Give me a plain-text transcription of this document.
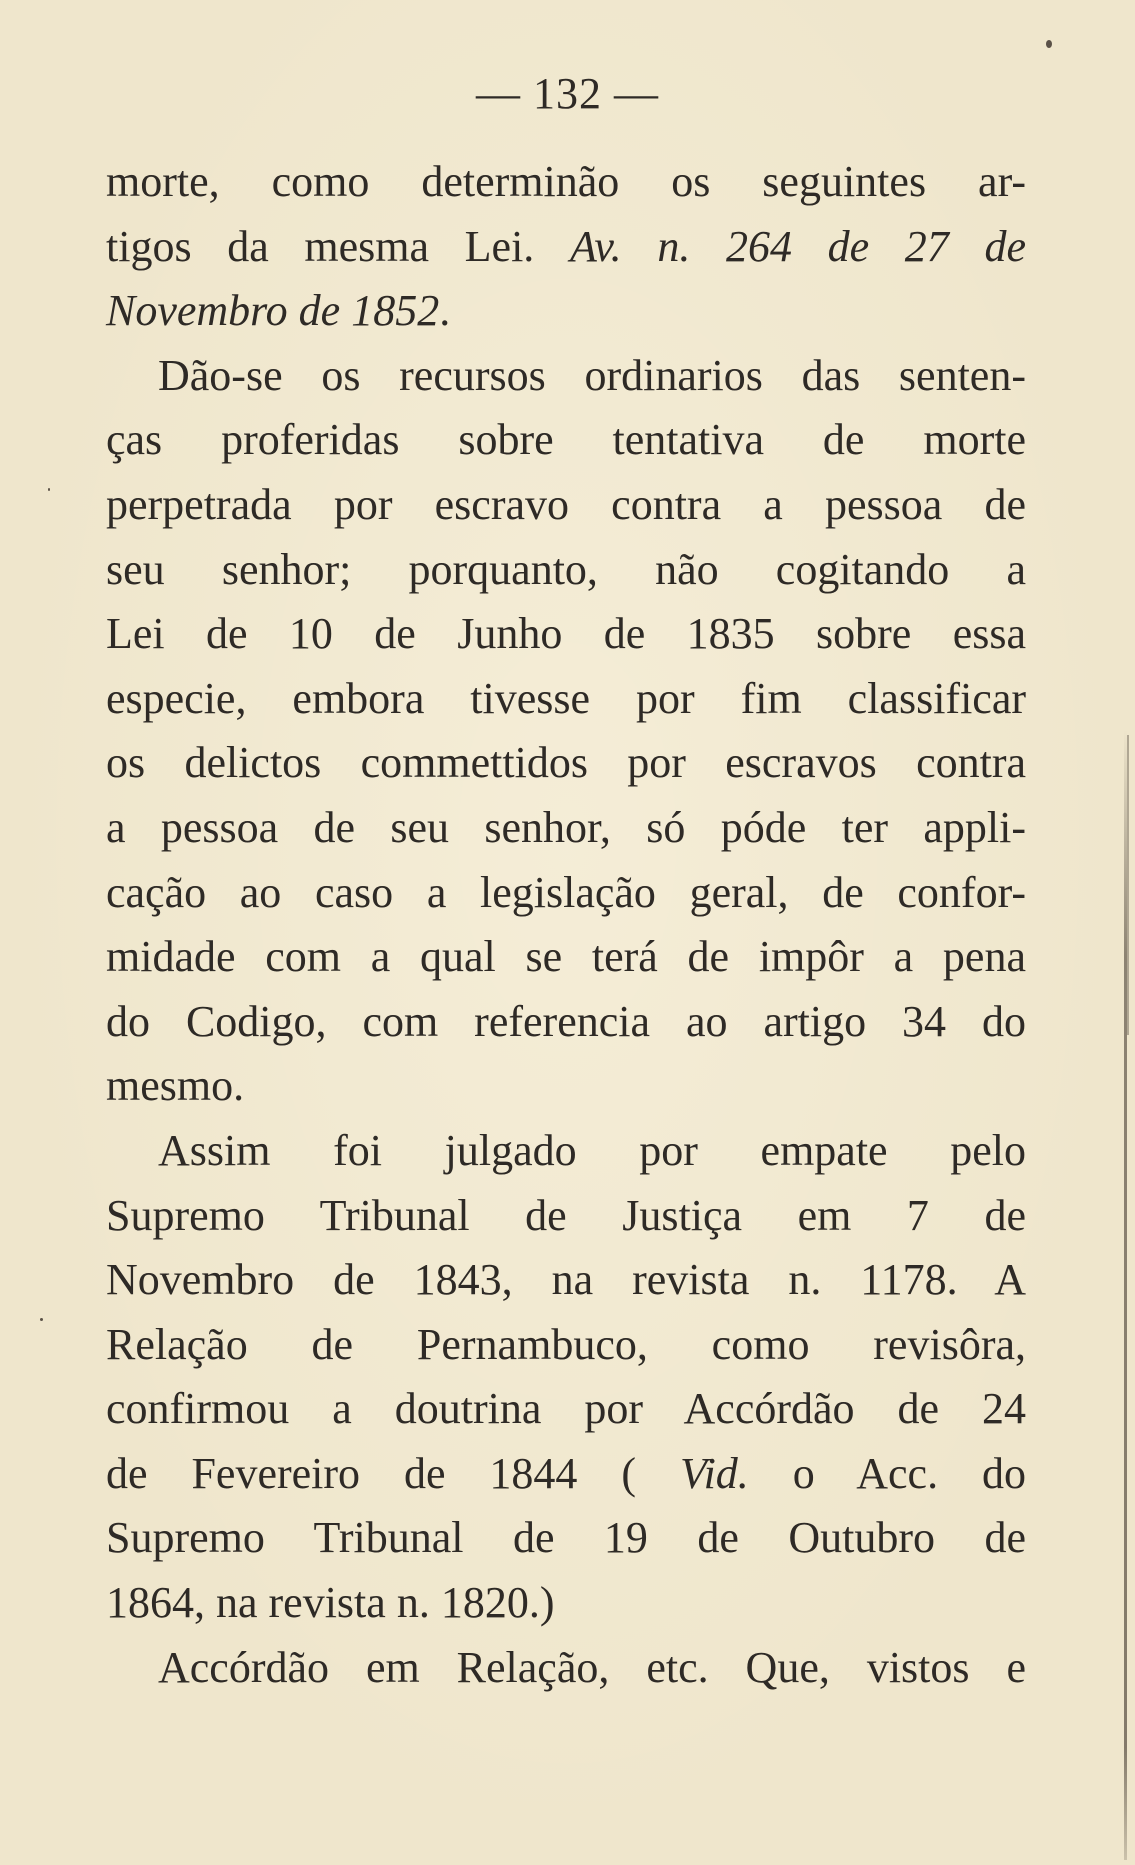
— 132 —
morte, como determinão os seguintes ar-
tigos da mesma Lei. Av. n. 264 de 27 de
Novembro de 1852.
Dão-se os recursos ordinarios das senten-
ças proferidas sobre tentativa de morte
perpetrada por escravo contra a pessoa de
seu senhor; porquanto, não cogitando a
Lei de 10 de Junho de 1835 sobre essa
especie, embora tivesse por fim classificar
os delictos commettidos por escravos contra
a pessoa de seu senhor, só póde ter appli-
cação ao caso a legislação geral, de confor-
midade com a qual se terá de impôr a pena
do Codigo, com referencia ao artigo 34 do
mesmo.
Assim foi julgado por empate pelo
Supremo Tribunal de Justiça em 7 de
Novembro de 1843, na revista n. 1178. A
Relação de Pernambuco, como revisôra,
confirmou a doutrina por Accórdão de 24
de Fevereiro de 1844 ( Vid. o Acc. do
Supremo Tribunal de 19 de Outubro de
1864, na revista n. 1820.)
Accórdão em Relação, etc. Que, vistos e
